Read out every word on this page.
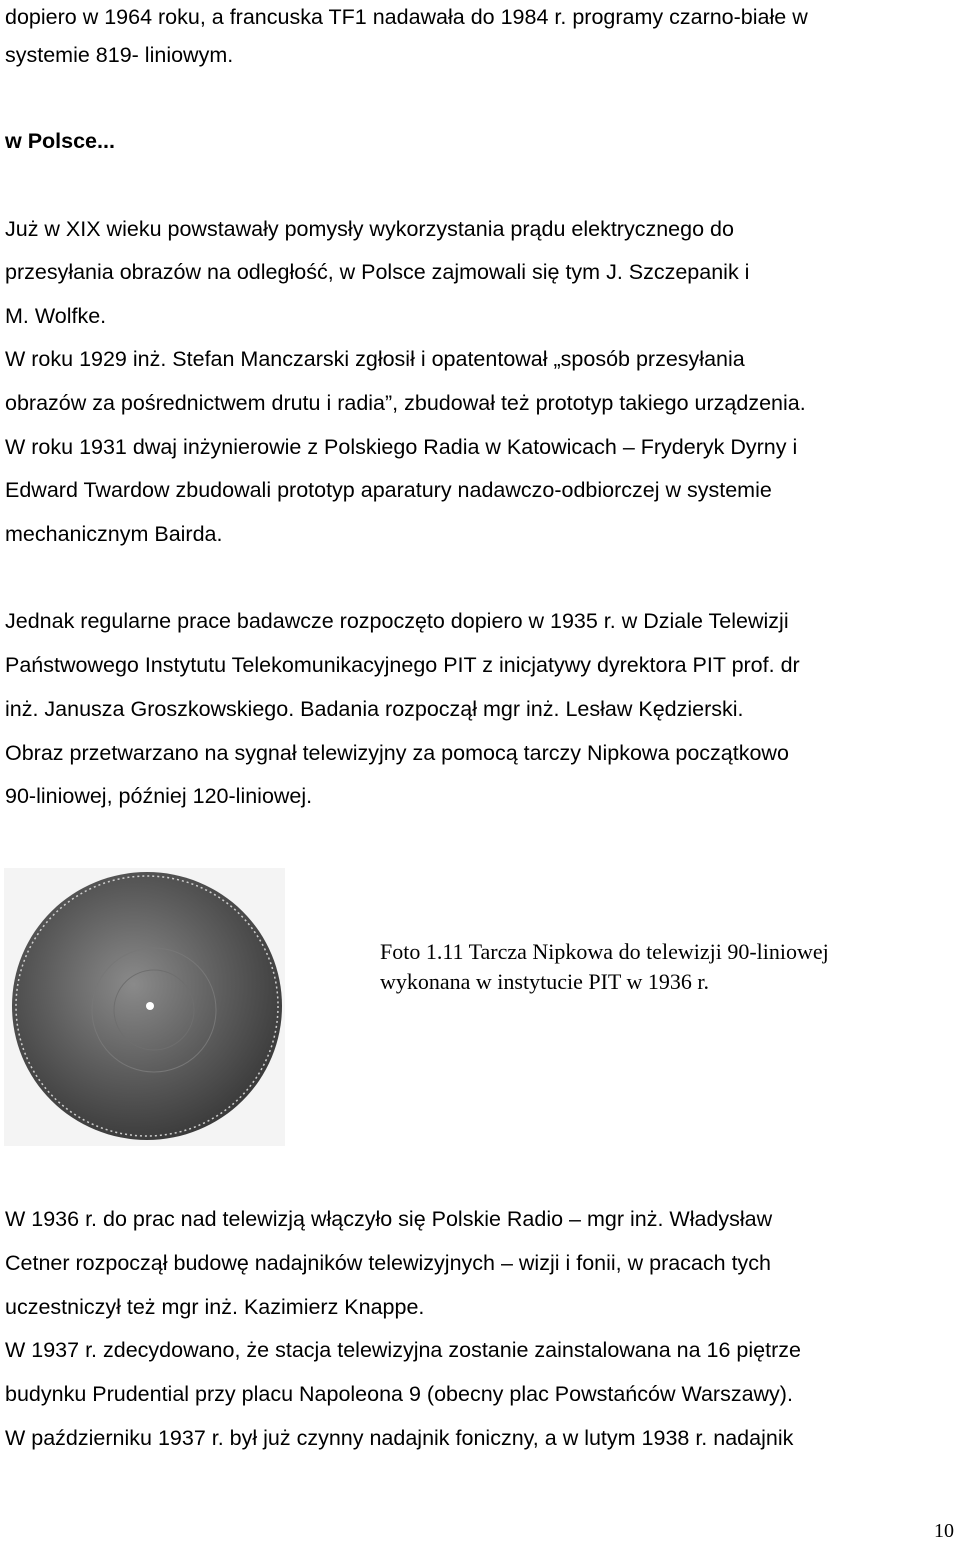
dopiero w 1964 roku, a francuska TF1 nadawała do 1984 r. programy czarno-białe w

systemie 819- liniowym.

w Polsce...

Już w XIX wieku powstawały pomysły wykorzystania prądu elektrycznego do

przesyłania obrazów na odległość, w Polsce zajmowali się tym J. Szczepanik i

M. Wolfke.

W roku 1929 inż. Stefan Manczarski zgłosił i opatentował „sposób przesyłania

obrazów za pośrednictwem drutu i radia”, zbudował też prototyp takiego urządzenia.

W roku 1931 dwaj inżynierowie z Polskiego Radia w Katowicach – Fryderyk Dyrny i

Edward Twardow zbudowali prototyp aparatury nadawczo-odbiorczej w systemie

mechanicznym Bairda.

Jednak regularne prace badawcze rozpoczęto dopiero w 1935 r. w Dziale Telewizji

Państwowego Instytutu Telekomunikacyjnego PIT z inicjatywy dyrektora PIT prof. dr

inż. Janusza Groszkowskiego. Badania rozpoczął mgr inż. Lesław Kędzierski.

Obraz przetwarzano na sygnał telewizyjny za pomocą tarczy Nipkowa początkowo

90-liniowej, później 120-liniowej.

Foto 1.11 Tarcza Nipkowa do telewizji 90-liniowej
wykonana w instytucie PIT w 1936 r.

W 1936 r. do prac nad telewizją włączyło się Polskie Radio – mgr inż. Władysław

Cetner rozpoczął budowę nadajników telewizyjnych – wizji i fonii, w pracach tych

uczestniczył też mgr inż. Kazimierz Knappe.

W 1937 r. zdecydowano, że stacja telewizyjna zostanie zainstalowana na 16 piętrze

budynku Prudential przy placu Napoleona 9 (obecny plac Powstańców Warszawy).

W październiku 1937 r. był już czynny nadajnik foniczny, a w lutym 1938 r. nadajnik

10
